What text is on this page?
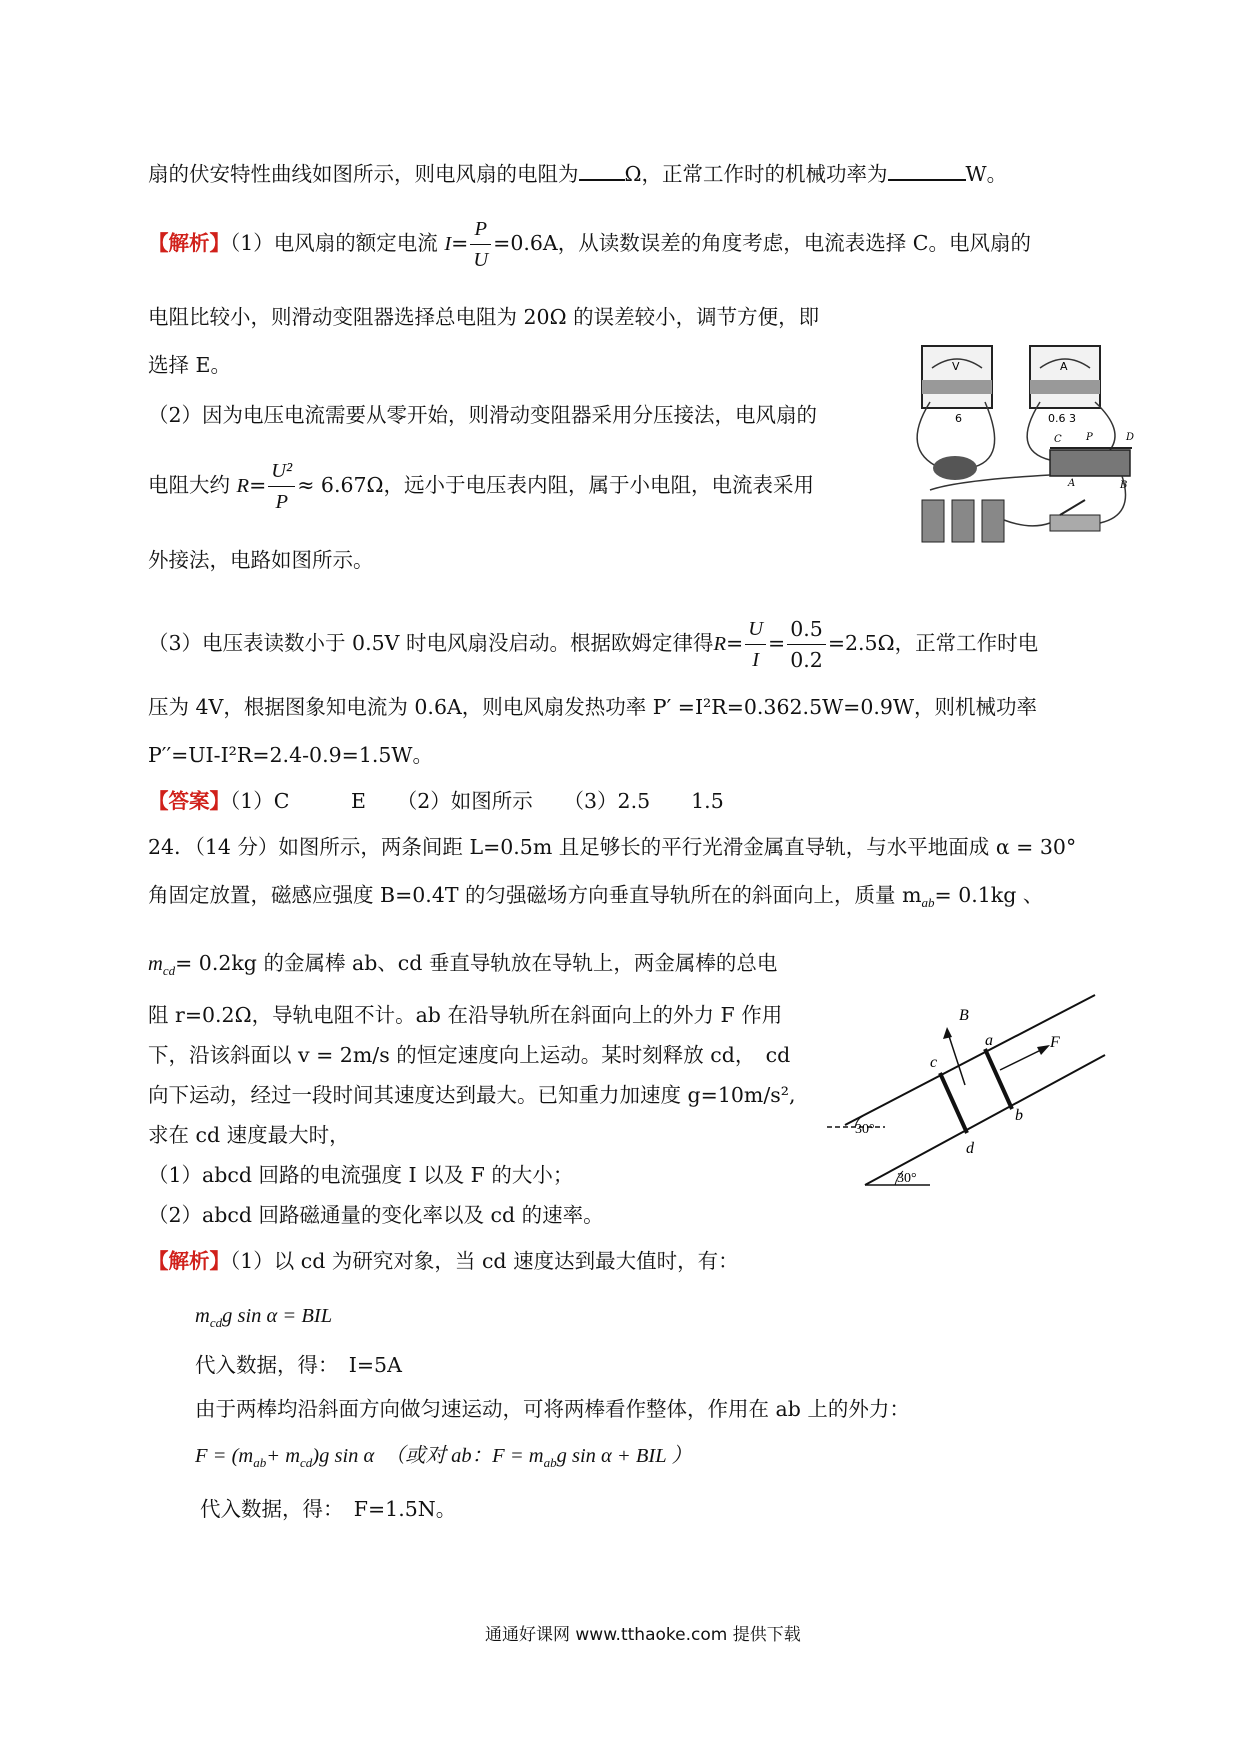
扇的伏安特性曲线如图所示，则电风扇的电阻为 Ω，正常工作时的机械功率为	W。
【解析】（1）电风扇的额定电流 $I= \frac{P}{U} =0.6A$，从读数误差的角度考虑，电流表选择 C。电风扇的
电阻比较小，则滑动变阻器选择总电阻为 20Ω 的误差较小，调节方便，即
选择 E。
（2）因为电压电流需要从零开始，则滑动变阻器采用分压接法，电风扇的
电阻大约 $R= \frac{\text{U²}}{P} \approx 6.67\Omega$，远小于电压表内阻，属于小电阻，电流表采用
外接法，电路如图所示。
V
6
A
0.6 3
C P	D
A	B
（3）电压表读数小于 0.5V 时电风扇没启动。根据欧姆定律得$R= \frac{U}{I} = \frac{0.5}{0.2} =2.5\Omega$，正常工作时电
压为 4V，根据图象知电流为 0.6A，则电风扇发热功率 P′ =I²R=0.362.5W=0.9W，则机械功率
P′′=UI-I²R=2.4-0.9=1.5W。
【答案】（1）C　　　E　　（2）如图所示　　（3）2.5　　1.5
24．（14 分）如图所示，两条间距 L=0.5m 且足够长的平行光滑金属直导轨，与水平地面成 α = 30°
角固定放置，磁感应强度 B=0.4T 的匀强磁场方向垂直导轨所在的斜面向上，质量 $m_{ab}= 0.1kg$ 、
$m_{cd}= 0.2kg$ 的金属棒 ab、cd 垂直导轨放在导轨上，两金属棒的总电
阻 r=0.2Ω，导轨电阻不计。ab 在沿导轨所在斜面向上的外力 F 作用
下，沿该斜面以 v = 2m/s 的恒定速度向上运动。某时刻释放 cd，　cd
向下运动，经过一段时间其速度达到最大。已知重力加速度 g=10m/s²,
求在 cd 速度最大时，
（1）abcd 回路的电流强度 I 以及 F 的大小；
（2）abcd 回路磁通量的变化率以及 cd 的速率。
B
F
a
b
c
d
30°
30°
【解析】（1）以 cd 为研究对象，当 cd 速度达到最大值时，有：
$m_{cd}g$ sin α = BIL
代入数据，得：　I=5A
由于两棒均沿斜面方向做匀速运动，可将两棒看作整体，作用在 ab 上的外力：
$F = (m_{ab}+ m_{cd})g$ sin α　（或对 ab：$F = m_{ab}g$ sin α + BIL ）
代入数据，得：　F=1.5N。
通通好课网 www.tthaoke.com 提供下载
